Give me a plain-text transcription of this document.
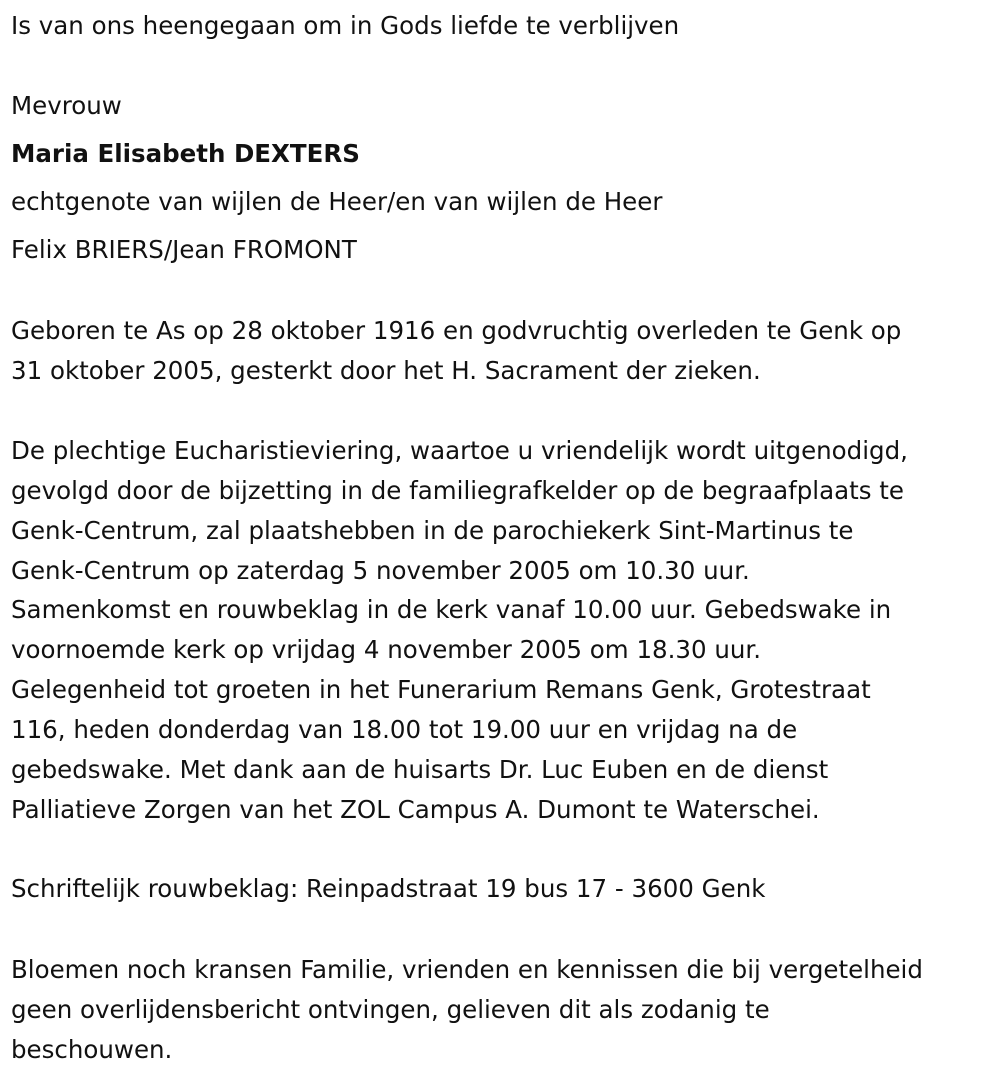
Is van ons heengegaan om in Gods liefde te verblijven
Mevrouw
Maria Elisabeth DEXTERS
echtgenote van wijlen de Heer/en van wijlen de Heer
Felix BRIERS/Jean FROMONT
Geboren te As op 28 oktober 1916 en godvruchtig overleden te Genk op
31 oktober 2005, gesterkt door het H. Sacrament der zieken.
De plechtige Eucharistieviering, waartoe u vriendelijk wordt uitgenodigd,
gevolgd door de bijzetting in de familiegrafkelder op de begraafplaats te
Genk-Centrum, zal plaatshebben in de parochiekerk Sint-Martinus te
Genk-Centrum op zaterdag 5 november 2005 om 10.30 uur.
Samenkomst en rouwbeklag in de kerk vanaf 10.00 uur. Gebedswake in
voornoemde kerk op vrijdag 4 november 2005 om 18.30 uur.
Gelegenheid tot groeten in het Funerarium Remans Genk, Grotestraat
116, heden donderdag van 18.00 tot 19.00 uur en vrijdag na de
gebedswake. Met dank aan de huisarts Dr. Luc Euben en de dienst
Palliatieve Zorgen van het ZOL Campus A. Dumont te Waterschei.
Schriftelijk rouwbeklag: Reinpadstraat 19 bus 17 - 3600 Genk
Bloemen noch kransen Familie, vrienden en kennissen die bij vergetelheid
geen overlijdensbericht ontvingen, gelieven dit als zodanig te
beschouwen.
